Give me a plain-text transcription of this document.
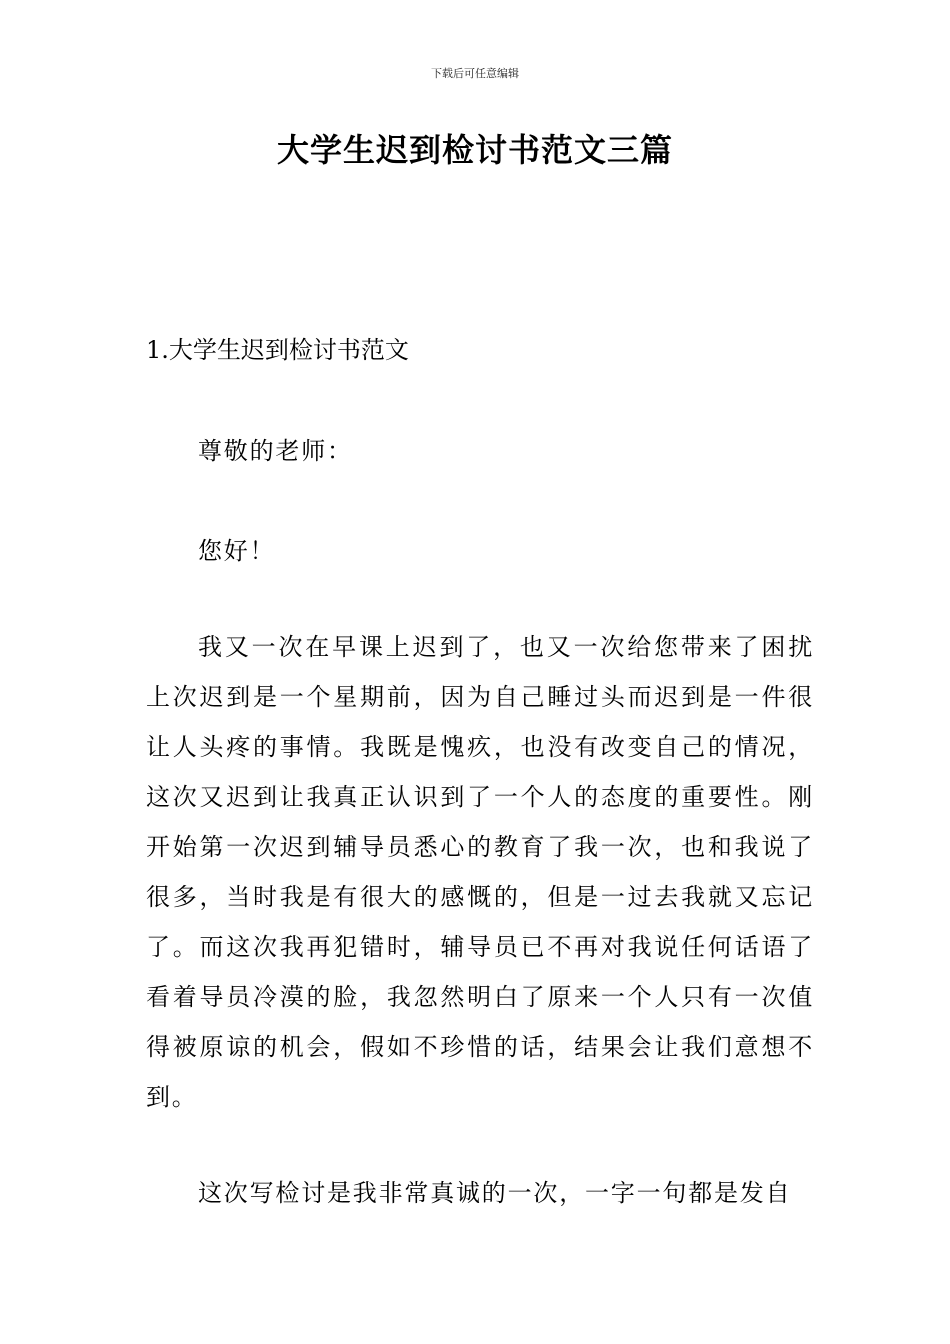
下载后可任意编辑
大学生迟到检讨书范文三篇
1.大学生迟到检讨书范文
尊敬的老师：
您好！
我又一次在早课上迟到了，也又一次给您带来了困扰上次迟到是一个星期前，因为自己睡过头而迟到是一件很让人头疼的事情。我既是愧疚，也没有改变自己的情况，这次又迟到让我真正认识到了一个人的态度的重要性。刚开始第一次迟到辅导员悉心的教育了我一次，也和我说了很多，当时我是有很大的感慨的，但是一过去我就又忘记了。而这次我再犯错时，辅导员已不再对我说任何话语了看着导员冷漠的脸，我忽然明白了原来一个人只有一次值得被原谅的机会，假如不珍惜的话，结果会让我们意想不到。
这次写检讨是我非常真诚的一次，一字一句都是发自
